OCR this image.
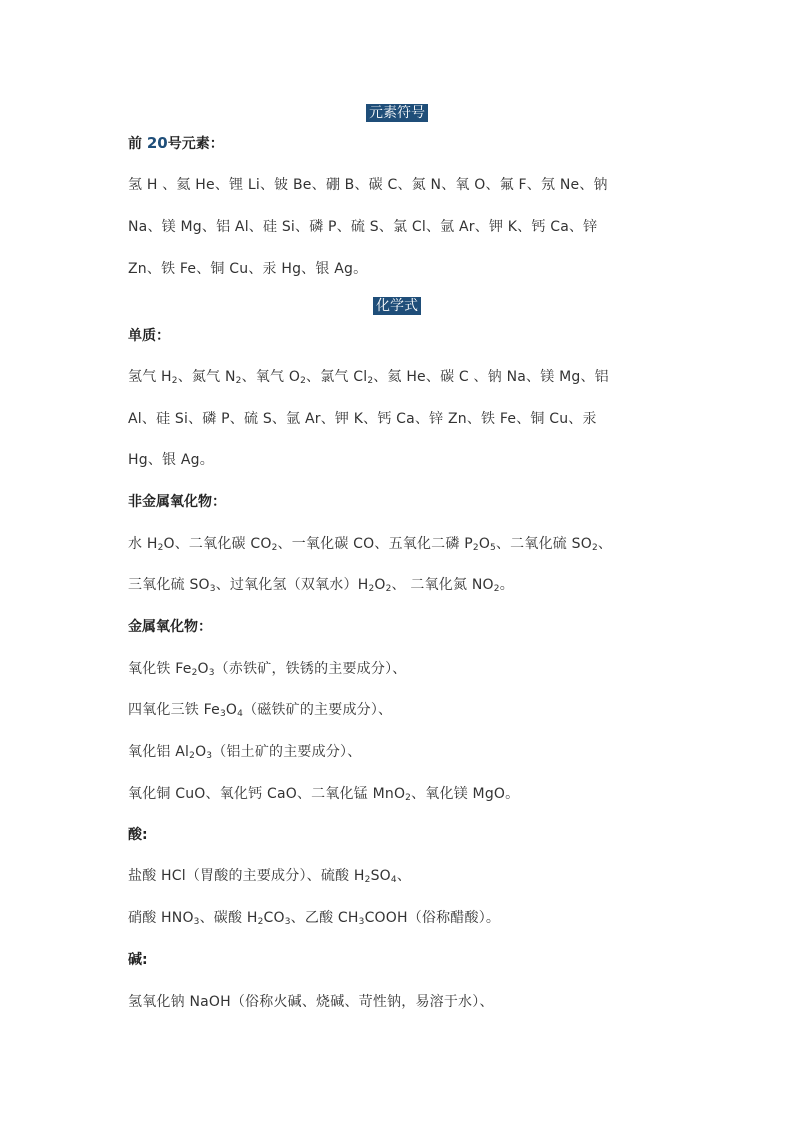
元素符号
前 20号元素：
氢 H 、氦 He、锂 Li、铍 Be、硼 B、碳 C、氮 N、氧 O、氟 F、氖 Ne、钠
Na、镁 Mg、铝 Al、硅 Si、磷 P、硫 S、氯 Cl、氩 Ar、钾 K、钙 Ca、锌
Zn、铁 Fe、铜 Cu、汞 Hg、银 Ag。
化学式
单质：
氢气 $H_2$、氮气 $N_2$、氧气 $O_2$、氯气 $Cl_2$、氦 He、碳 C 、钠 Na、镁 Mg、铝
Al、硅 Si、磷 P、硫 S、氩 Ar、钾 K、钙 Ca、锌 Zn、铁 Fe、铜 Cu、汞
Hg、银 Ag。
非金属氧化物：
水 $H_2O$、二氧化碳 $CO_2$、一氧化碳 CO、五氧化二磷 $P_2O_5$、二氧化硫 $SO_2$、
三氧化硫 $SO_3$、过氧化氢（双氧水）$H_2O_2$、 二氧化氮 $NO_2$。
金属氧化物：
氧化铁 $Fe_2O_3$（赤铁矿，铁锈的主要成分）、
四氧化三铁 $Fe_3O_4$（磁铁矿的主要成分）、
氧化铝 $Al_2O_3$（铝土矿的主要成分）、
氧化铜 CuO、氧化钙 CaO、二氧化锰 MnO$_2$、氧化镁 MgO。
酸:
盐酸 HCl（胃酸的主要成分）、硫酸 $H_2SO_4$、
硝酸 $HNO_3$、碳酸 $H_2CO_3$、乙酸 $CH_3COOH$（俗称醋酸）。
碱:
氢氧化钠 NaOH（俗称火碱、烧碱、苛性钠，易溶于水）、
